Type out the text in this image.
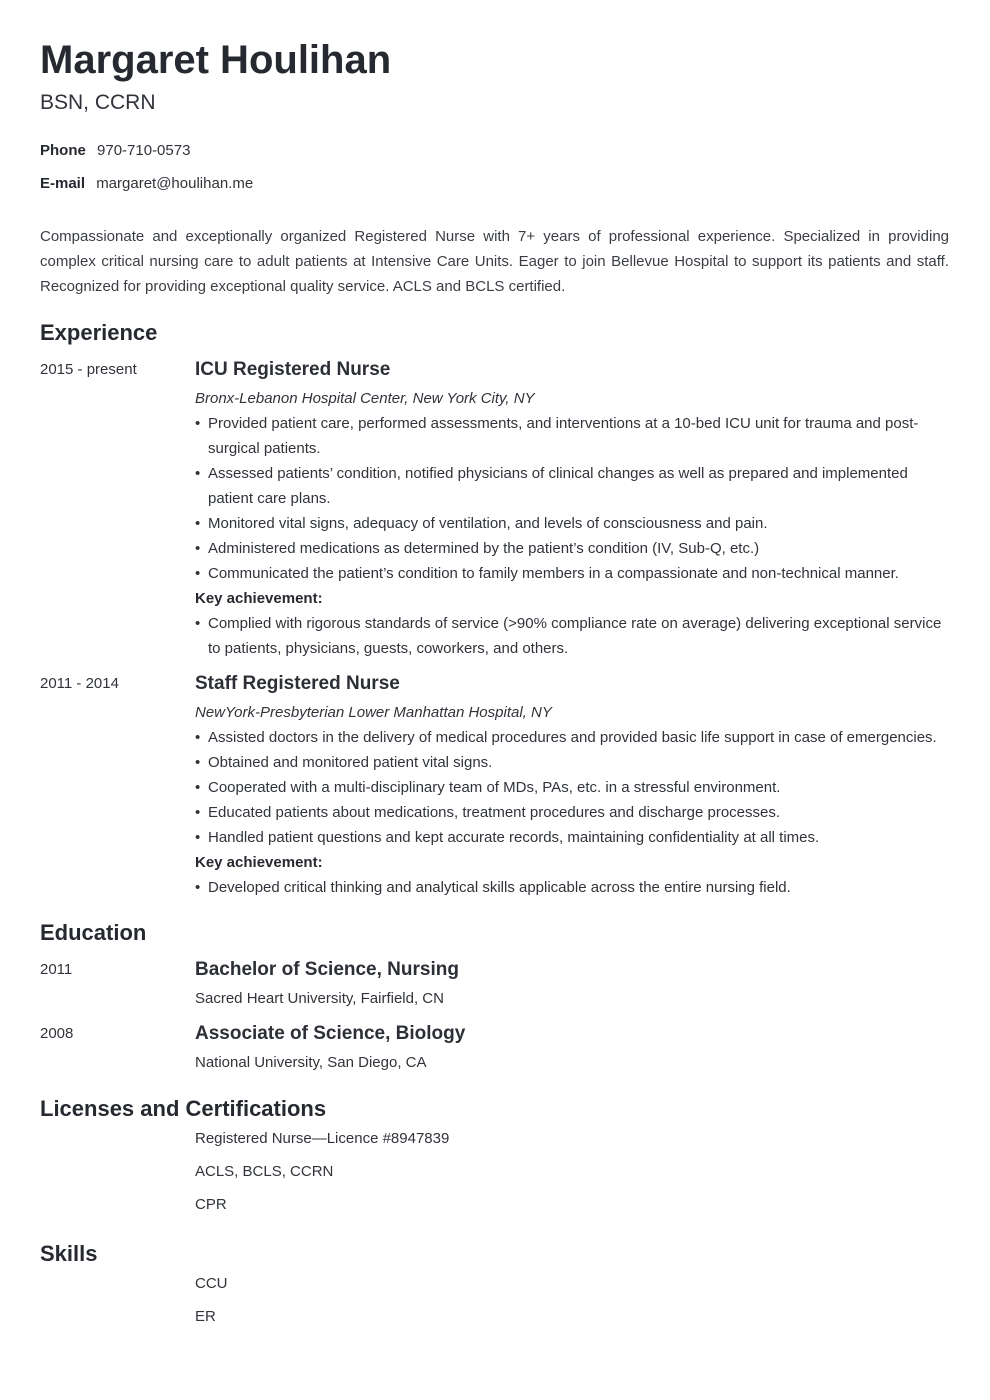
Margaret Houlihan
BSN, CCRN
Phone 970-710-0573
E-mail margaret@houlihan.me
Compassionate and exceptionally organized Registered Nurse with 7+ years of professional experience. Specialized in providing complex critical nursing care to adult patients at Intensive Care Units. Eager to join Bellevue Hospital to support its patients and staff. Recognized for providing exceptional quality service. ACLS and BCLS certified.
Experience
2015 - present	ICU Registered Nurse
Bronx-Lebanon Hospital Center, New York City, NY
• Provided patient care, performed assessments, and interventions at a 10-bed ICU unit for trauma and post-surgical patients.
• Assessed patients’ condition, notified physicians of clinical changes as well as prepared and implemented patient care plans.
• Monitored vital signs, adequacy of ventilation, and levels of consciousness and pain.
• Administered medications as determined by the patient’s condition (IV, Sub-Q, etc.)
• Communicated the patient’s condition to family members in a compassionate and non-technical manner.
Key achievement:
• Complied with rigorous standards of service (>90% compliance rate on average) delivering exceptional service to patients, physicians, guests, coworkers, and others.
2011 - 2014	Staff Registered Nurse
NewYork-Presbyterian Lower Manhattan Hospital, NY
• Assisted doctors in the delivery of medical procedures and provided basic life support in case of emergencies.
• Obtained and monitored patient vital signs.
• Cooperated with a multi-disciplinary team of MDs, PAs, etc. in a stressful environment.
• Educated patients about medications, treatment procedures and discharge processes.
• Handled patient questions and kept accurate records, maintaining confidentiality at all times.
Key achievement:
• Developed critical thinking and analytical skills applicable across the entire nursing field.
Education
2011	Bachelor of Science, Nursing
Sacred Heart University, Fairfield, CN
2008	Associate of Science, Biology
National University, San Diego, CA
Licenses and Certifications
Registered Nurse—Licence #8947839
ACLS, BCLS, CCRN
CPR
Skills
CCU
ER
